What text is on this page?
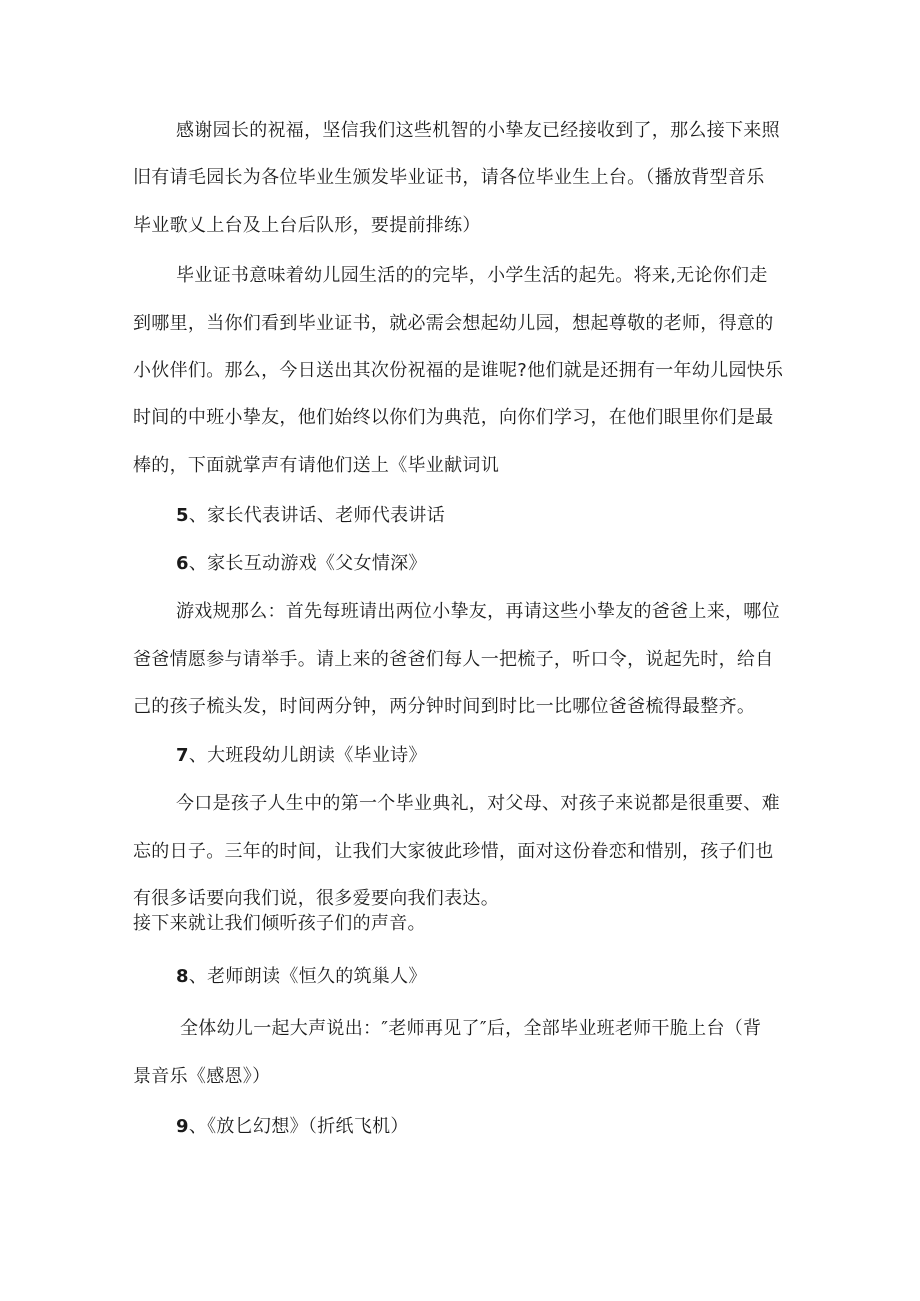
感谢园长的祝福，坚信我们这些机智的小挚友已经接收到了，那么接下来照
旧有请毛园长为各位毕业生颁发毕业证书，请各位毕业生上台。（播放背型音乐
毕业歌乂上台及上台后队形，要提前排练）
毕业证书意味着幼儿园生活的的完毕，小学生活的起先。将来,无论你们走
到哪里，当你们看到毕业证书，就必需会想起幼儿园，想起尊敬的老师，得意的
小伙伴们。那么，今日送出其次份祝福的是谁呢?他们就是还拥有一年幼儿园快乐
时间的中班小挚友，他们始终以你们为典范，向你们学习，在他们眼里你们是最
棒的，下面就掌声有请他们送上《毕业献词讥
5、家长代表讲话、老师代表讲话
6、家长互动游戏《父女情深》
游戏规那么：首先每班请出两位小挚友，再请这些小挚友的爸爸上来，哪位
爸爸情愿参与请举手。请上来的爸爸们每人一把梳子，听口令，说起先时，给自
己的孩子梳头发，时间两分钟，两分钟时间到时比一比哪位爸爸梳得最整齐。
7、大班段幼儿朗读《毕业诗》
今口是孩子人生中的第一个毕业典礼，对父母、对孩子来说都是很重要、难
忘的日子。三年的时间，让我们大家彼此珍惜，面对这份眷恋和惜别，孩子们也
有很多话要向我们说，很多爱要向我们表达。
接下来就让我们倾听孩子们的声音。
8、老师朗读《恒久的筑巢人》
全体幼儿一起大声说出：″老师再见了″后，全部毕业班老师干脆上台（背
景音乐《感恩》）
9、《放匕幻想》（折纸飞机）
